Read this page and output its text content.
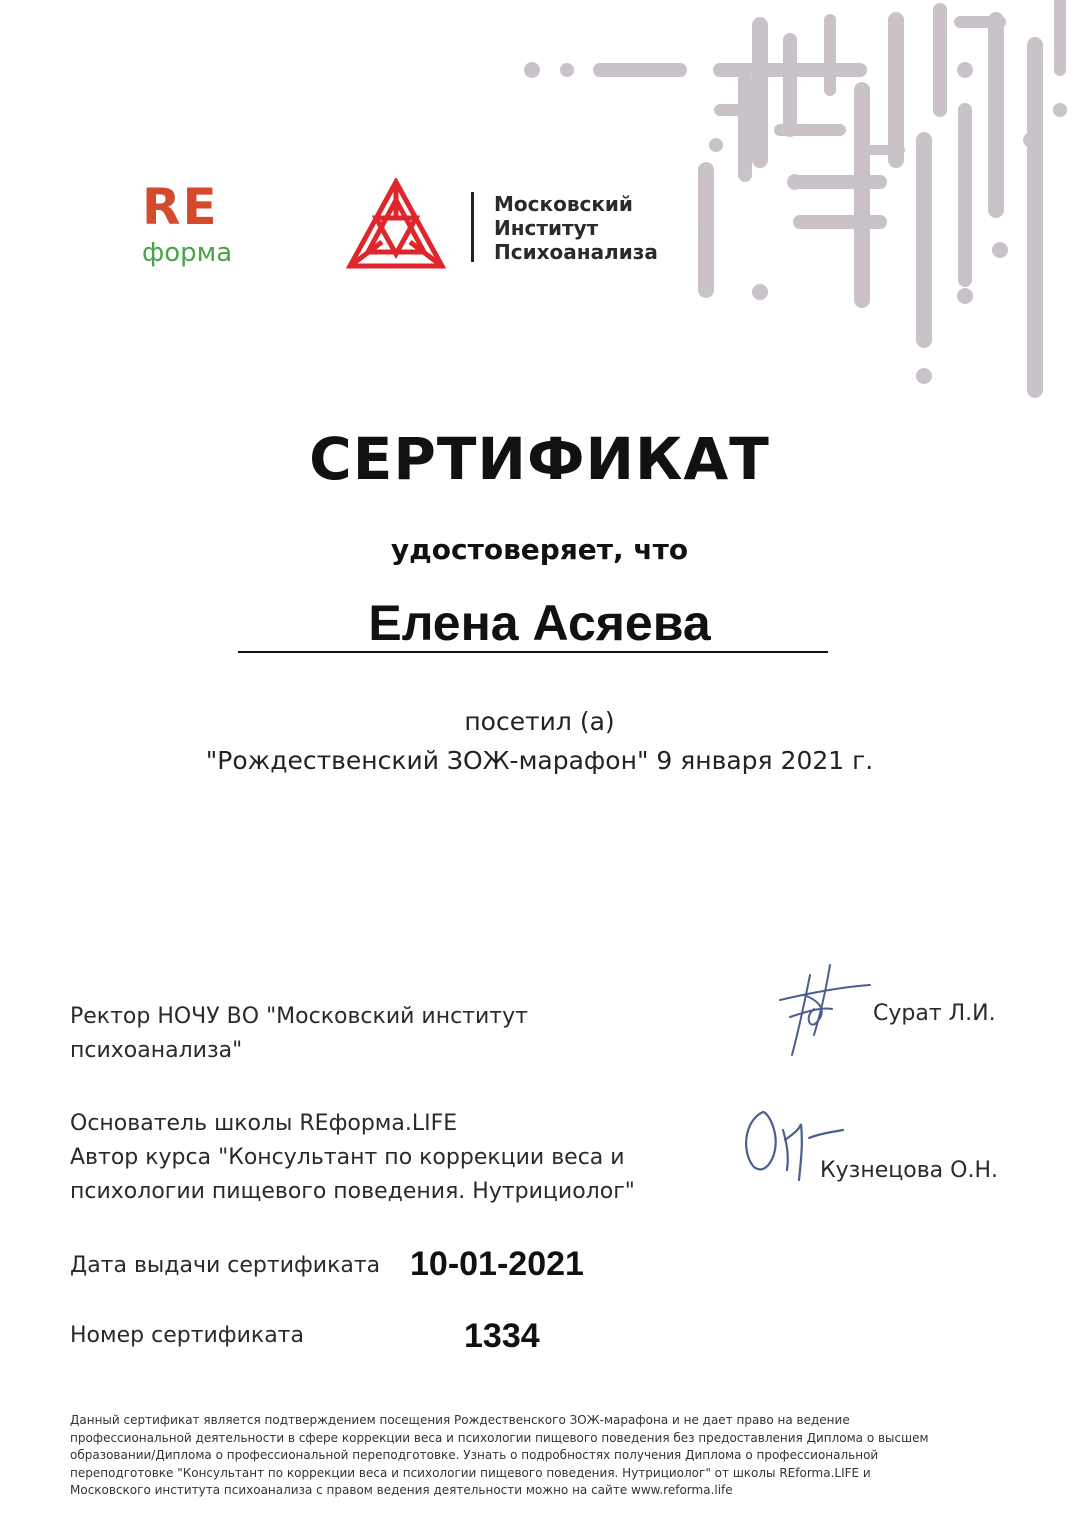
RE
форма
Московский
Институт
Психоанализа
СЕРТИФИКАТ
удостоверяет, что
Елена Асяева
посетил (а)
"Рождественский ЗОЖ-марафон" 9 января 2021 г.
Ректор НОЧУ ВО "Московский институт
психоанализа"
Сурат Л.И.
Основатель школы REформа.LIFE
Автор курса "Консультант по коррекции веса и
психологии пищевого поведения. Нутрициолог"
Кузнецова О.Н.
Дата выдачи сертификата 10-01-2021
Номер сертификата	1334
Данный сертификат является подтверждением посещения Рождественского ЗОЖ-марафона и не дает право на ведение
профессиональной деятельности в сфере коррекции веса и психологии пищевого поведения без предоставления Диплома о высшем
образовании/Диплома о профессиональной переподготовке. Узнать о подробностях получения Диплома о профессиональной
переподготовке "Консультант по коррекции веса и психологии пищевого поведения. Нутрициолог" от школы REforma.LIFE и
Московского института психоанализа с правом ведения деятельности можно на сайте www.reforma.life
